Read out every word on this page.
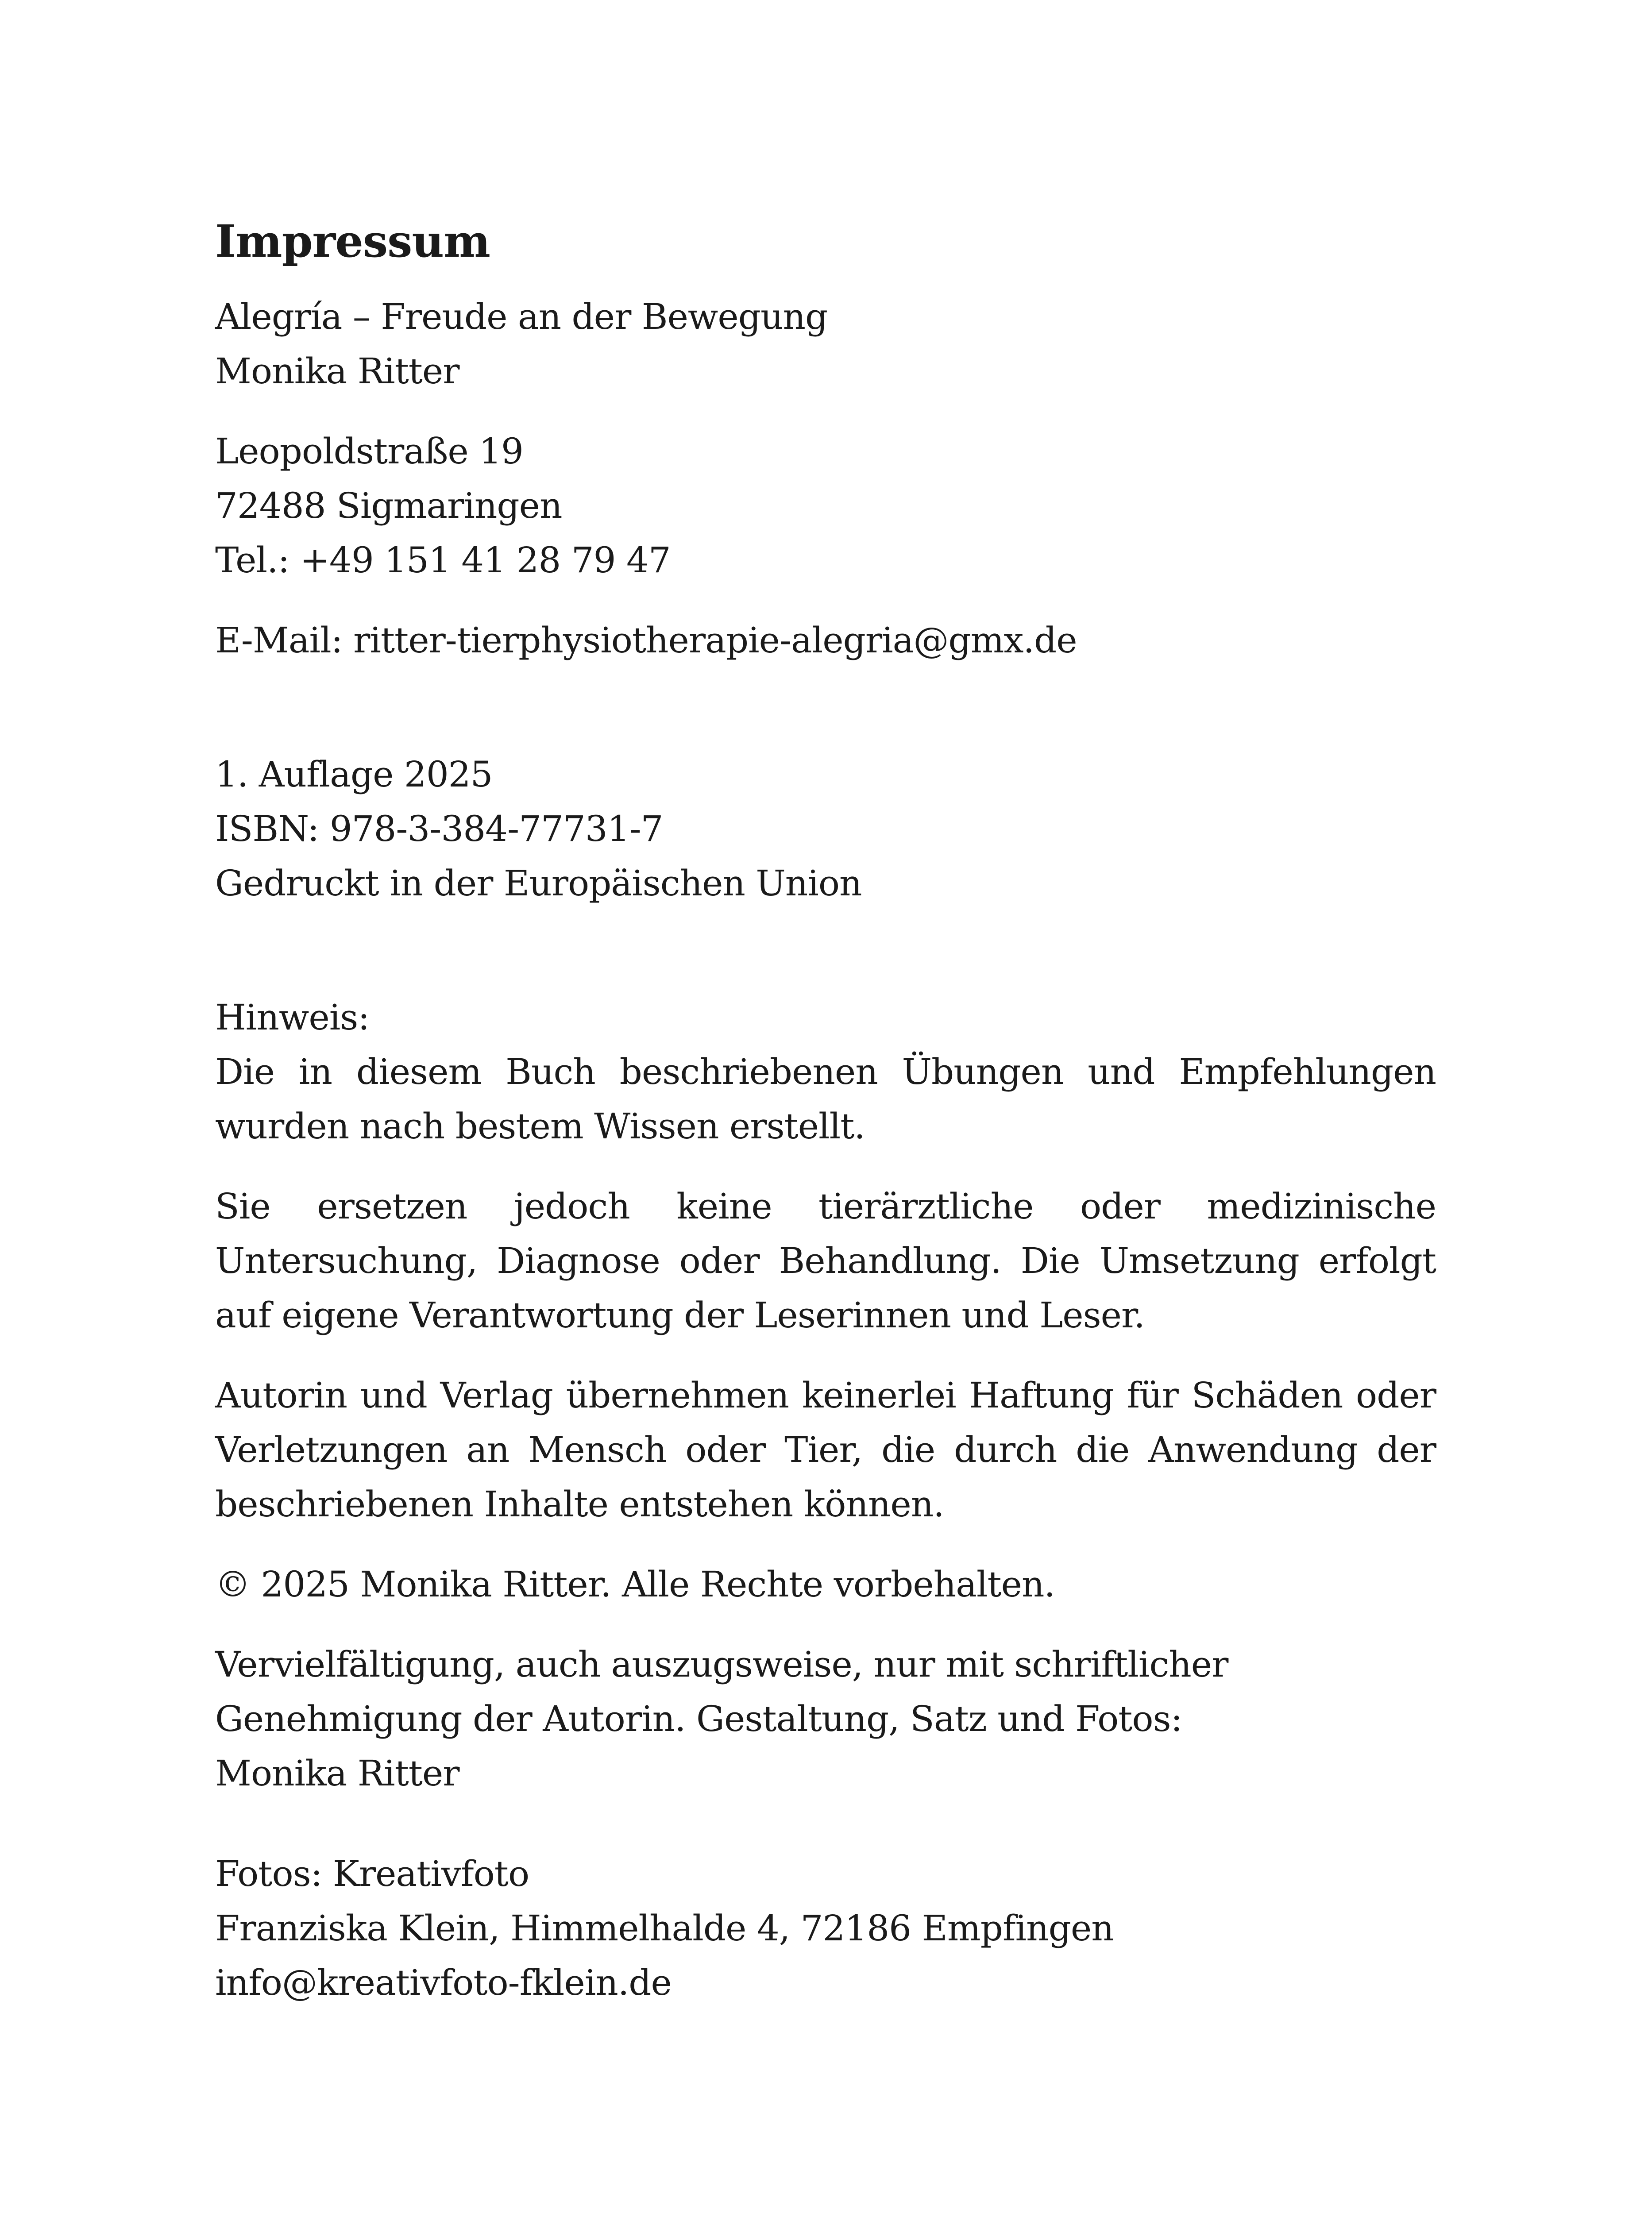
Impressum
Alegría – Freude an der Bewegung
Monika Ritter
Leopoldstraße 19
72488 Sigmaringen
Tel.: +49 151 41 28 79 47
E-Mail: ritter-tierphysiotherapie-alegria@gmx.de
1. Auflage 2025
ISBN: 978-3-384-77731-7
Gedruckt in der Europäischen Union
Hinweis:

Die in diesem Buch beschriebenen Übungen und Empfehlungen wurden nach bestem Wissen erstellt.

Sie ersetzen jedoch keine tierärztliche oder medizinische Untersuchung, Diagnose oder Behandlung. Die Umsetzung erfolgt auf eigene Verantwortung der Leserinnen und Leser.

Autorin und Verlag übernehmen keinerlei Haftung für Schäden oder Verletzungen an Mensch oder Tier, die durch die Anwendung der beschriebenen Inhalte entstehen können.

© 2025 Monika Ritter. Alle Rechte vorbehalten.
Vervielfältigung, auch auszugsweise, nur mit schriftlicher
Genehmigung der Autorin. Gestaltung, Satz und Fotos:
Monika Ritter
Fotos: Kreativfoto
Franziska Klein, Himmelhalde 4, 72186 Empfingen
info@kreativfoto-fklein.de
